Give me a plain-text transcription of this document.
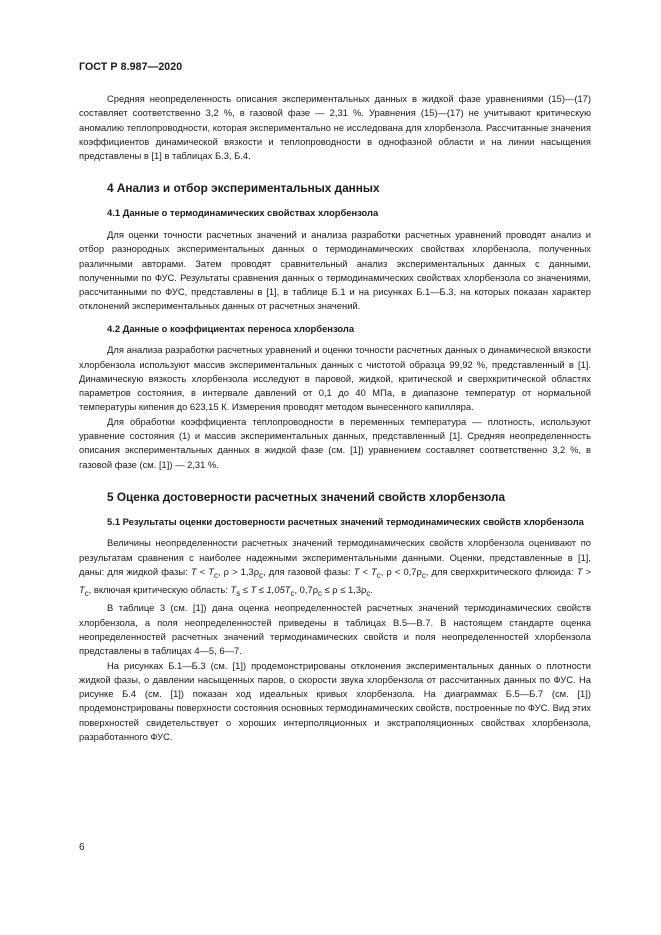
ГОСТ Р 8.987—2020

Средняя неопределенность описания экспериментальных данных в жидкой фазе уравнениями (15)—(17) составляет соответственно 3,2 %, в газовой фазе — 2,31 %. Уравнения (15)—(17) не учитывают критическую аномалию теплопроводности, которая экспериментально не исследована для хлорбензола. Рассчитанные значения коэффициентов динамической вязкости и теплопроводности в однофазной области и на линии насыщения представлены в [1] в таблицах Б.3, Б.4.

4 Анализ и отбор экспериментальных данных
4.1 Данные о термодинамических свойствах хлорбензола

Для оценки точности расчетных значений и анализа разработки расчетных уравнений проводят анализ и отбор разнородных экспериментальных данных о термодинамических свойствах хлорбензола, полученных различными авторами. Затем проводят сравнительный анализ экспериментальных данных с данными, полученными по ФУС. Результаты сравнения данных о термодинамических свойствах хлорбензола со значениями, рассчитанными по ФУС, представлены в [1], в таблице Б.1 и на рисунках Б.1—Б.3, на которых показан характер отклонений экспериментальных данных от расчетных значений.

4.2 Данные о коэффициентах переноса хлорбензола

Для анализа разработки расчетных уравнений и оценки точности расчетных данных о динамической вязкости хлорбензола используют массив экспериментальных данных с чистотой образца 99,92 %, представленный в [1]. Динамическую вязкость хлорбензола исследуют в паровой, жидкой, критической и сверхкритической областях параметров состояния, в интервале давлений от 0,1 до 40 МПа, в диапазоне температур от нормальной температуры кипения до 623,15 К. Измерения проводят методом вынесенного капилляра.

Для обработки коэффициента теплопроводности в переменных температура — плотность, используют уравнение состояния (1) и массив экспериментальных данных, представленный [1]. Средняя неопределенность описания экспериментальных данных в жидкой фазе (см. [1]) уравнением составляет соответственно 3,2 %, в газовой фазе (см. [1]) — 2,31 %.

5 Оценка достоверности расчетных значений свойств хлорбензола
5.1 Результаты оценки достоверности расчетных значений термодинамических свойств хлорбензола

Величины неопределенности расчетных значений термодинамических свойств хлорбензола оценивают по результатам сравнения с наиболее надежными экспериментальными данными. Оценки, представленные в [1], даны: для жидкой фазы: $T < T_c$, $\rho > 1,3\rho_c$, для газовой фазы: $T < T_c$, $\rho < 0,7\rho_c$, для сверхкритического флюида: $T > T_c$, включая критическую область: $T_s \le T \le 1,05T_c$, $0,7\rho_c \le \rho \le 1,3\rho_c$.

В таблице 3 (см. [1]) дана оценка неопределенностей расчетных значений термодинамических свойств хлорбензола, а поля неопределенностей приведены в таблицах В.5—В.7. В настоящем стандарте оценка неопределенностей расчетных значений термодинамических свойств и поля неопределенностей хлорбензола представлены в таблицах 4—5, 6—7.

На рисунках Б.1—Б.3 (см. [1]) продемонстрированы отклонения экспериментальных данных о плотности жидкой фазы, о давлении насыщенных паров, о скорости звука хлорбензола от рассчитанных данных по ФУС. На рисунке Б.4 (см. [1]) показан ход идеальных кривых хлорбензола. На диаграммах Б.5—Б.7 (см. [1]) продемонстрированы поверхности состояния основных термодинамических свойств, построенные по ФУС. Вид этих поверхностей свидетельствует о хороших интерполяционных и экстраполяционных свойствах хлорбензола, разработанного ФУС.

6
